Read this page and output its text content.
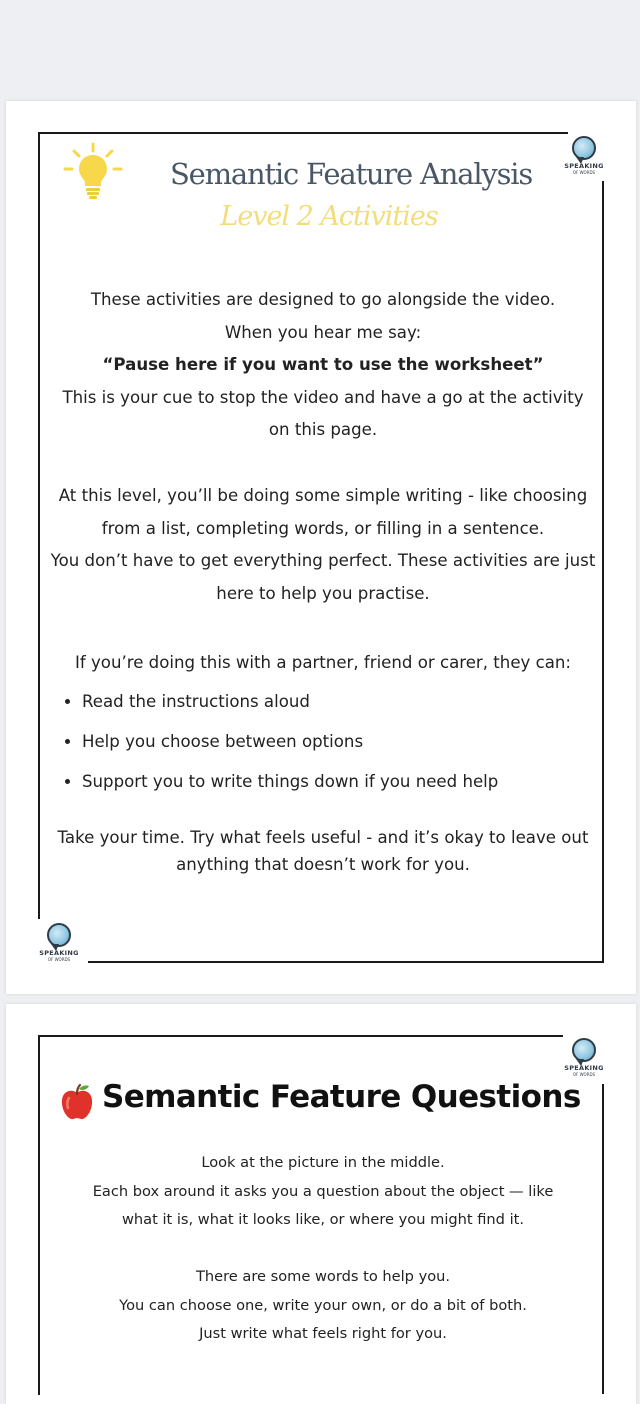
SPEAKING
OF WORDS
Semantic Feature Analysis
Level 2 Activities

These activities are designed to go alongside the video.

When you hear me say:

“Pause here if you want to use the worksheet”

This is your cue to stop the video and have a go at the activity

on this page.

At this level, you’ll be doing some simple writing - like choosing

from a list, completing words, or filling in a sentence.

You don’t have to get everything perfect. These activities are just

here to help you practise.

If you’re doing this with a partner, friend or carer, they can:

• Read the instructions aloud
• Help you choose between options
• Support you to write things down if you need help

Take your time. Try what feels useful - and it’s okay to leave out

anything that doesn’t work for you.

SPEAKING
OF WORDS
SPEAKING
OF WORDS
Semantic Feature Questions

Look at the picture in the middle.

Each box around it asks you a question about the object — like

what it is, what it looks like, or where you might find it.

There are some words to help you.

You can choose one, write your own, or do a bit of both.

Just write what feels right for you.
